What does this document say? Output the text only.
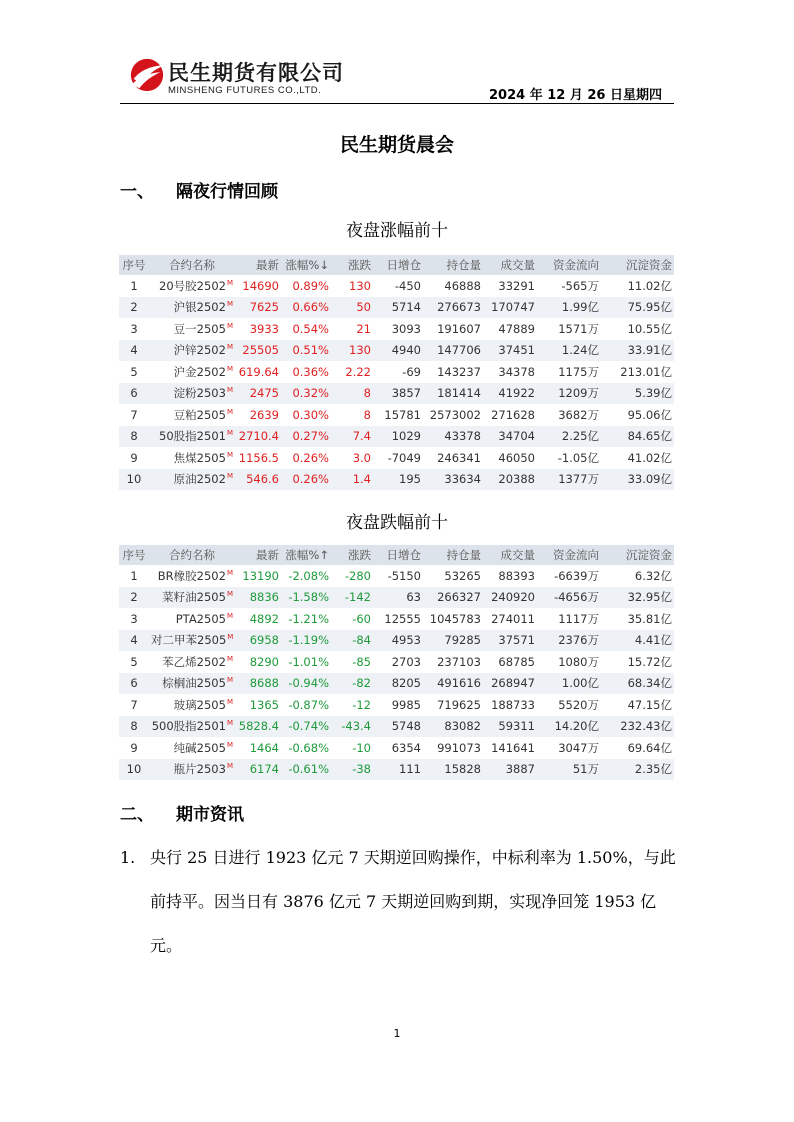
民生期货有限公司
MINSHENG FUTURES CO.,LTD.	2024 年 12 月 26 日星期四
民生期货晨会
一、 隔夜行情回顾
夜盘涨幅前十
序号	合约名称	最新	涨幅%↓	涨跌	日增仓	持仓量	成交量	资金流向	沉淀资金
1	20号胶$2502^M$	14690	0.89%	130	-450	46888	33291	-565万	11.02亿
2	沪银$2502^M$	7625	0.66%	50	5714	276673	170747	1.99亿	75.95亿
3	豆一$2505^M$	3933	0.54%	21	3093	191607	47889	1571万	10.55亿
4	沪锌$2502^M$	25505	0.51%	130	4940	147706	37451	1.24亿	33.91亿
5	沪金$2502^M$	619.64	0.36%	2.22	-69	143237	34378	1175万	213.01亿
6	淀粉$2503^M$	2475	0.32%	8	3857	181414	41922	1209万	5.39亿
7	豆粕$2505^M$	2639	0.30%	8	15781	2573002	271628	3682万	95.06亿
8	50股指$2501^M$	2710.4	0.27%	7.4	1029	43378	34704	2.25亿	84.65亿
9	焦煤$2505^M$	1156.5	0.26%	3.0	-7049	246341	46050	-1.05亿	41.02亿
10	原油$2502^M$	546.6	0.26%	1.4	195	33634	20388	1377万	33.09亿
夜盘跌幅前十
序号	合约名称	最新	涨幅%↑	涨跌	日增仓	持仓量	成交量	资金流向	沉淀资金
1	BR橡胶$2502^M$	13190	-2.08%	-280	-5150	53265	88393	-6639万	6.32亿
2	菜籽油$2505^M$	8836	-1.58%	-142	63	266327	240920	-4656万	32.95亿
3	$PTA2505^M$	4892	-1.21%	-60	12555	1045783	274011	1117万	35.81亿
4	对二甲苯$2505^M$	6958	-1.19%	-84	4953	79285	37571	2376万	4.41亿
5	苯乙烯$2502^M$	8290	-1.01%	-85	2703	237103	68785	1080万	15.72亿
6	棕榈油$2505^M$	8688	-0.94%	-82	8205	491616	268947	1.00亿	68.34亿
7	玻璃$2505^M$	1365	-0.87%	-12	9985	719625	188733	5520万	47.15亿
8	500股指$2501^M$	5828.4	-0.74%	-43.4	5748	83082	59311	14.20亿	232.43亿
9	纯碱$2505^M$	1464	-0.68%	-10	6354	991073	141641	3047万	69.64亿
10	瓶片$2503^M$	6174	-0.61%	-38	111	15828	3887	51万	2.35亿
二、 期市资讯
1. 央行 25 日进行 1923 亿元 7 天期逆回购操作，中标利率为 1.50%，与此前持平。因当日有 3876 亿元 7 天期逆回购到期，实现净回笼 1953 亿元。
1
